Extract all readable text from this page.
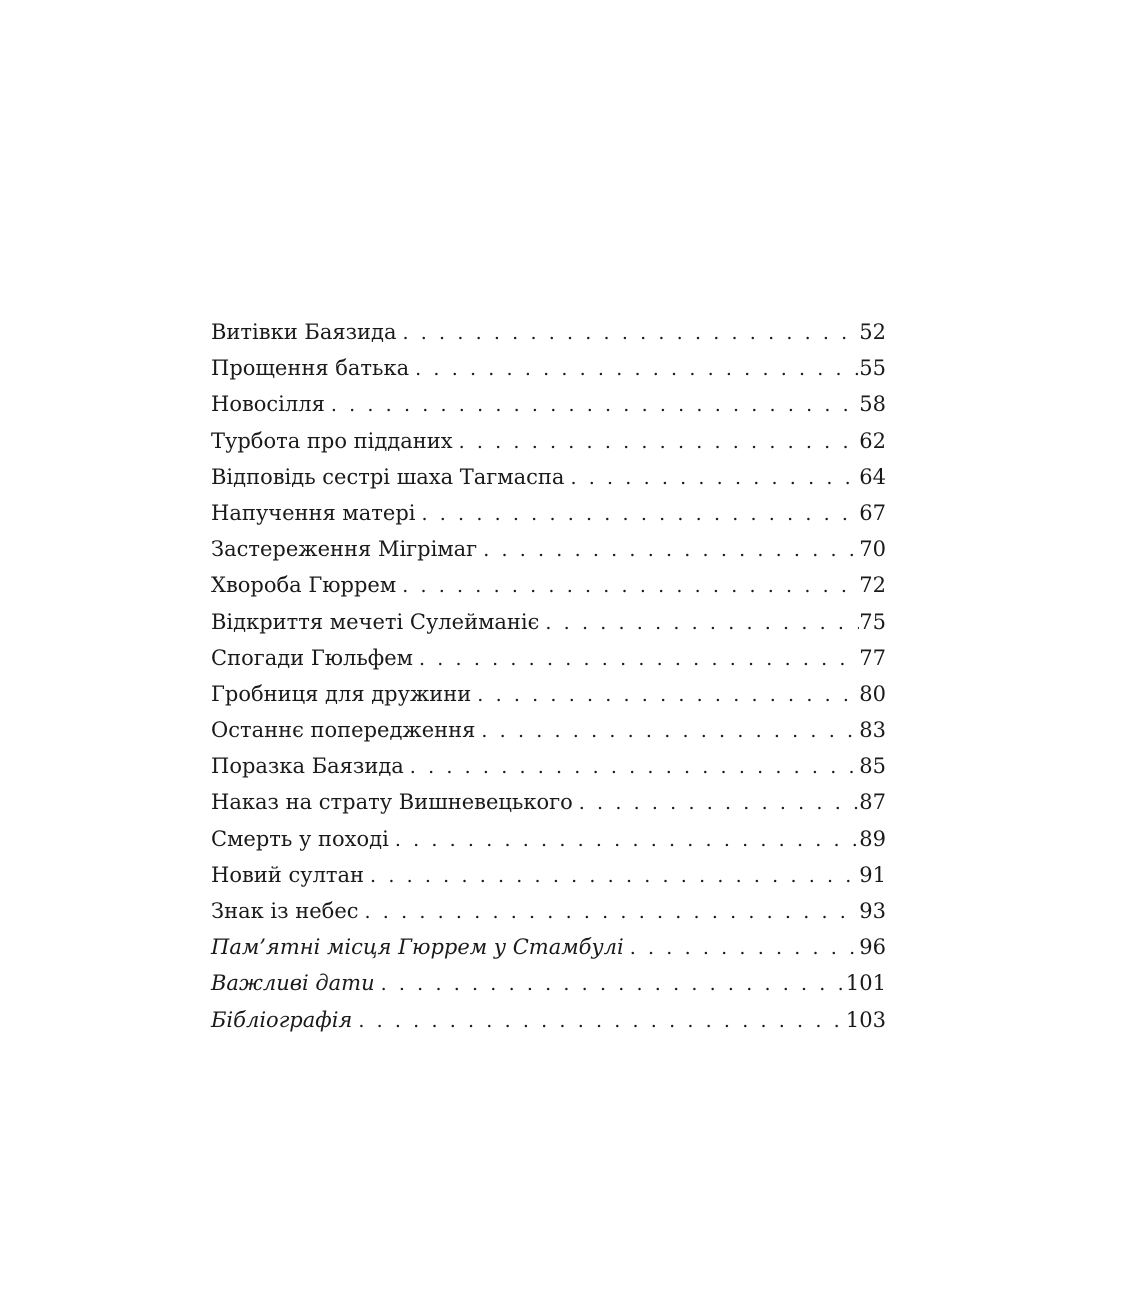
Витівки Баязида . . .	52
Прощення батька . . .	55
Новосілля . . .	58
Турбота про підданих . . .	62
Відповідь сестрі шаха Тагмаспа . . .	64
Напучення матері . . .	67
Застереження Мігрімаг . . .	70
Хвороба Гюррем . . .	72
Відкриття мечеті Сулейманіє . . .	75
Спогади Гюльфем . . .	77
Гробниця для дружини . . .	80
Останнє попередження . . .	83
Поразка Баязида . . .	85
Наказ на страту Вишневецького . . .	87
Смерть у поході . . .	89
Новий султан . . .	91
Знак із небес . . .	93
Пам’ятні місця Гюррем у Стамбулі . . .	96
Важливі дати . . .	101
Бібліографія . . .	103
